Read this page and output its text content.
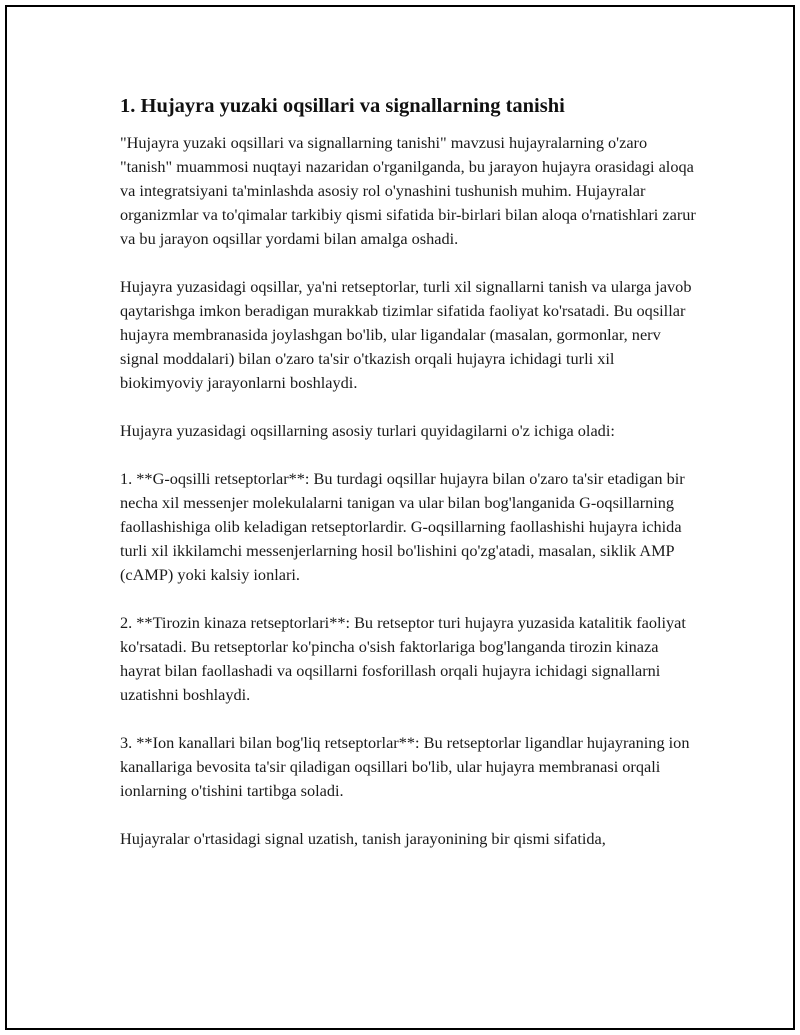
1. Hujayra yuzaki oqsillari va signallarning tanishi

"Hujayra yuzaki oqsillari va signallarning tanishi" mavzusi hujayralarning o'zaro "tanish" muammosi nuqtayi nazaridan o'rganilganda, bu jarayon hujayra orasidagi aloqa va integratsiyani ta'minlashda asosiy rol o'ynashini tushunish muhim. Hujayralar organizmlar va to'qimalar tarkibiy qismi sifatida bir-birlari bilan aloqa o'rnatishlari zarur va bu jarayon oqsillar yordami bilan amalga oshadi.

Hujayra yuzasidagi oqsillar, ya'ni retseptorlar, turli xil signallarni tanish va ularga javob qaytarishga imkon beradigan murakkab tizimlar sifatida faoliyat ko'rsatadi. Bu oqsillar hujayra membranasida joylashgan bo'lib, ular ligandalar (masalan, gormonlar, nerv signal moddalari) bilan o'zaro ta'sir o'tkazish orqali hujayra ichidagi turli xil biokimyoviy jarayonlarni boshlaydi.

Hujayra yuzasidagi oqsillarning asosiy turlari quyidagilarni o'z ichiga oladi:

1. **G-oqsilli retseptorlar**: Bu turdagi oqsillar hujayra bilan o'zaro ta'sir etadigan bir necha xil messenjer molekulalarni tanigan va ular bilan bog'langanida G-oqsillarning faollashishiga olib keladigan retseptorlardir. G-oqsillarning faollashishi hujayra ichida turli xil ikkilamchi messenjerlarning hosil bo'lishini qo'zg'atadi, masalan, siklik AMP (cAMP) yoki kalsiy ionlari.

2. **Tirozin kinaza retseptorlari**: Bu retseptor turi hujayra yuzasida katalitik faoliyat ko'rsatadi. Bu retseptorlar ko'pincha o'sish faktorlariga bog'langanda tirozin kinaza hayrat bilan faollashadi va oqsillarni fosforillash orqali hujayra ichidagi signallarni uzatishni boshlaydi.

3. **Ion kanallari bilan bog'liq retseptorlar**: Bu retseptorlar ligandlar hujayraning ion kanallariga bevosita ta'sir qiladigan oqsillari bo'lib, ular hujayra membranasi orqali ionlarning o'tishini tartibga soladi.

Hujayralar o'rtasidagi signal uzatish, tanish jarayonining bir qismi sifatida,
